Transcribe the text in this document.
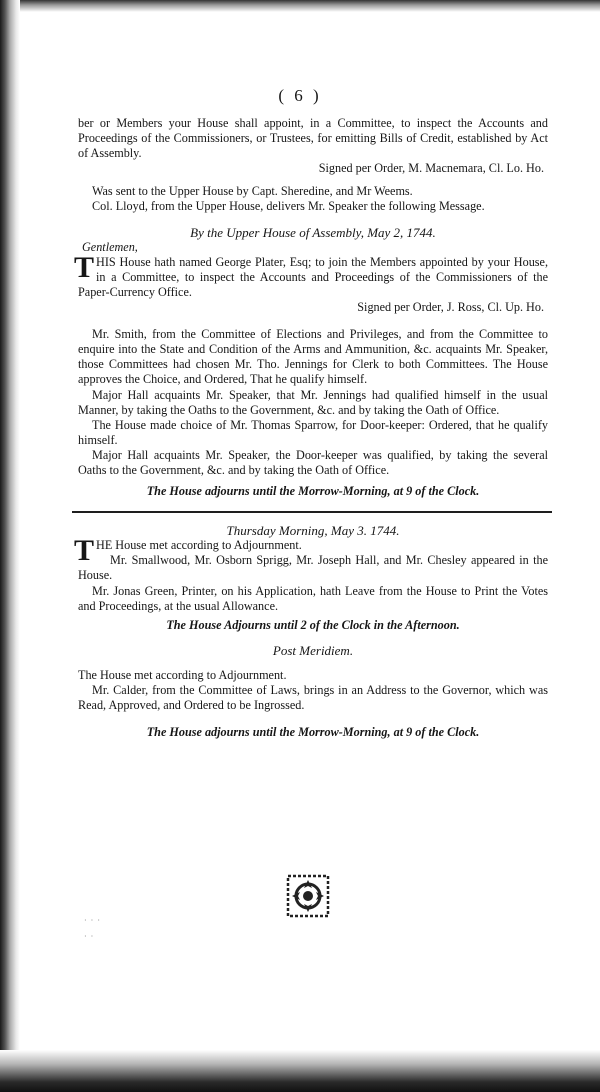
( 6 )

ber or Members your House shall appoint, in a Committee, to inspect the Accounts and Proceedings of the Commissioners, or Trustees, for emitting Bills of Credit, established by Act of Assembly.

Signed per Order, M. Macnemara, Cl. Lo. Ho.

Was sent to the Upper House by Capt. Sheredine, and Mr Weems.

Col. Lloyd, from the Upper House, delivers Mr. Speaker the following Message.

By the Upper House of Assembly, May 2, 1744.

Gentlemen,

THIS House hath named George Plater, Esq; to join the Members appointed by your House, in a Committee, to inspect the Accounts and Proceedings of the Commissioners of the Paper-Currency Office.

Signed per Order, J. Ross, Cl. Up. Ho.

Mr. Smith, from the Committee of Elections and Privileges, and from the Committee to enquire into the State and Condition of the Arms and Ammunition, &c. acquaints Mr. Speaker, those Committees had chosen Mr. Tho. Jennings for Clerk to both Committees. The House approves the Choice, and Ordered, That he qualify himself.

Major Hall acquaints Mr. Speaker, that Mr. Jennings had qualified himself in the usual Manner, by taking the Oaths to the Government, &c. and by taking the Oath of Office.

The House made choice of Mr. Thomas Sparrow, for Door-keeper: Ordered, that he qualify himself.

Major Hall acquaints Mr. Speaker, the Door-keeper was qualified, by taking the several Oaths to the Government, &c. and by taking the Oath of Office.

The House adjourns until the Morrow-Morning, at 9 of the Clock.

Thursday Morning, May 3. 1744.

THE House met according to Adjournment.

Mr. Smallwood, Mr. Osborn Sprigg, Mr. Joseph Hall, and Mr. Chesley appeared in the House.

Mr. Jonas Green, Printer, on his Application, hath Leave from the House to Print the Votes and Proceedings, at the usual Allowance.

The House Adjourns until 2 of the Clock in the Afternoon.

Post Meridiem.

The House met according to Adjournment.

Mr. Calder, from the Committee of Laws, brings in an Address to the Governor, which was Read, Approved, and Ordered to be Ingrossed.

The House adjourns until the Morrow-Morning, at 9 of the Clock.

· · ·
· ·
